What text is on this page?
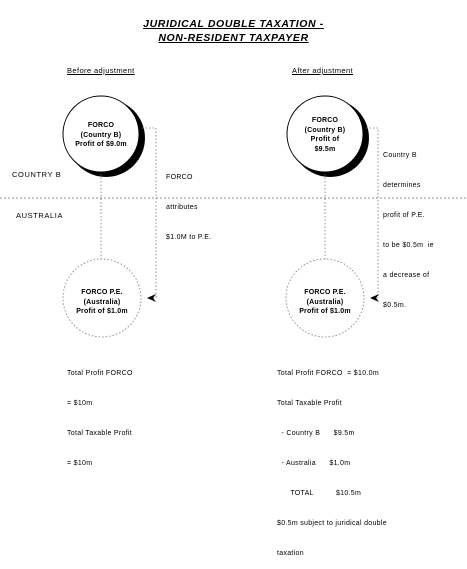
JURIDICAL DOUBLE TAXATION -
NON-RESIDENT TAXPAYER
Before adjustment	After adjustment
COUNTRY B
AUSTRALIA
FORCO
(Country B)
Profit of $9.0m
FORCO P.E.
(Australia)
Profit of $1.0m
FORCO
(Country B)
Profit of
$9.5m
FORCO P.E.
(Australia)
Profit of $1.0m

FORCO

attributes

$1.0M to P.E.

Country B

determines

profit of P.E.

to be $0.5m  ie

a decrease of

$0.5m.

Total Profit FORCO

= $10m

Total Taxable Profit

= $10m

Total Profit FORCO  = $10.0m

Total Taxable Profit

- Country B      $9.5m

- Australia      $1.0m

TOTAL          $10.5m

$0.5m subject to juridical double

taxation
